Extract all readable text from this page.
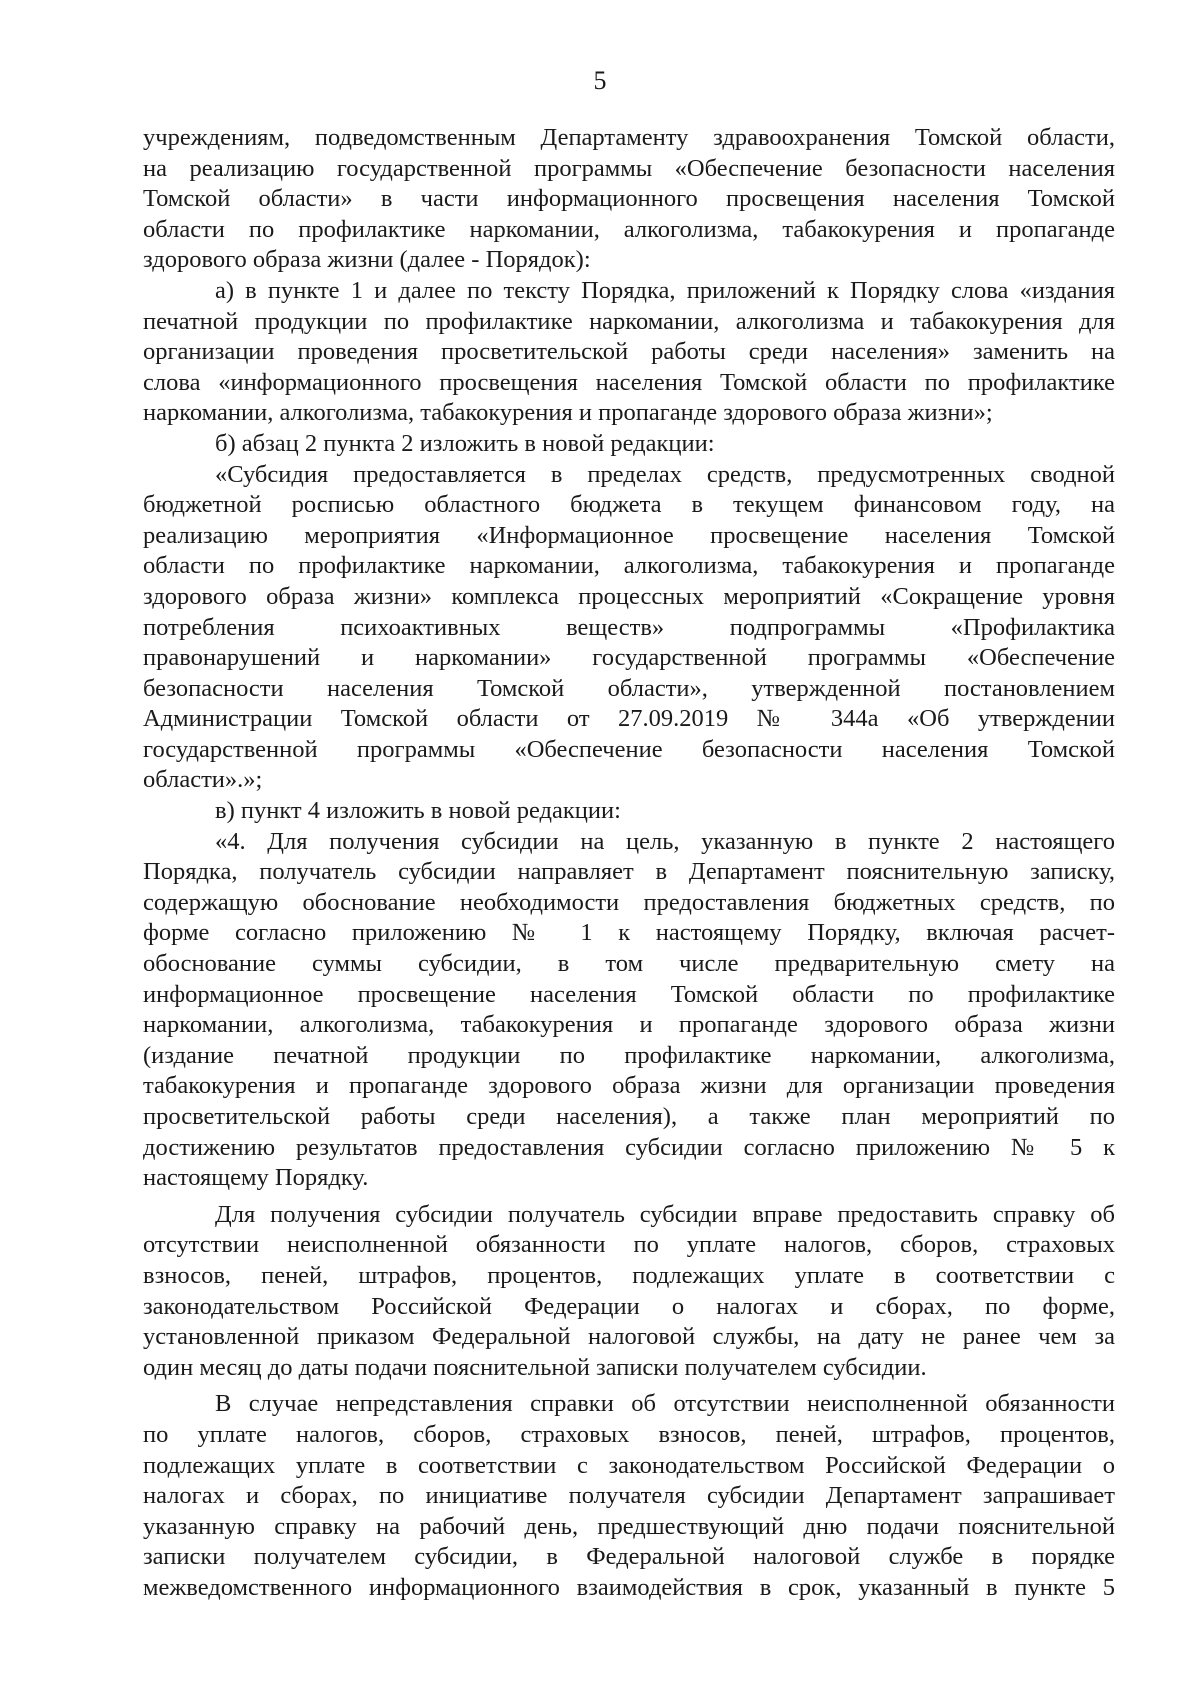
5
учреждениям, подведомственным Департаменту здравоохранения Томской области,
на реализацию государственной программы «Обеспечение безопасности населения
Томской области» в части информационного просвещения населения Томской
области по профилактике наркомании, алкоголизма, табакокурения и пропаганде
здорового образа жизни (далее - Порядок):
а) в пункте 1 и далее по тексту Порядка, приложений к Порядку слова «издания
печатной продукции по профилактике наркомании, алкоголизма и табакокурения для
организации проведения просветительской работы среди населения» заменить на
слова «информационного просвещения населения Томской области по профилактике
наркомании, алкоголизма, табакокурения и пропаганде здорового образа жизни»;
б) абзац 2 пункта 2 изложить в новой редакции:
«Субсидия предоставляется в пределах средств, предусмотренных сводной
бюджетной росписью областного бюджета в текущем финансовом году, на
реализацию мероприятия «Информационное просвещение населения Томской
области по профилактике наркомании, алкоголизма, табакокурения и пропаганде
здорового образа жизни» комплекса процессных мероприятий «Сокращение уровня
потребления психоактивных веществ» подпрограммы «Профилактика
правонарушений и наркомании» государственной программы «Обеспечение
безопасности населения Томской области», утвержденной постановлением
Администрации Томской области от 27.09.2019 № 344а «Об утверждении
государственной программы «Обеспечение безопасности населения Томской
области».»;
в) пункт 4 изложить в новой редакции:
«4. Для получения субсидии на цель, указанную в пункте 2 настоящего
Порядка, получатель субсидии направляет в Департамент пояснительную записку,
содержащую обоснование необходимости предоставления бюджетных средств, по
форме согласно приложению № 1 к настоящему Порядку, включая расчет-
обоснование суммы субсидии, в том числе предварительную смету на
информационное просвещение населения Томской области по профилактике
наркомании, алкоголизма, табакокурения и пропаганде здорового образа жизни
(издание печатной продукции по профилактике наркомании, алкоголизма,
табакокурения и пропаганде здорового образа жизни для организации проведения
просветительской работы среди населения), а также план мероприятий по
достижению результатов предоставления субсидии согласно приложению № 5 к
настоящему Порядку.
Для получения субсидии получатель субсидии вправе предоставить справку об
отсутствии неисполненной обязанности по уплате налогов, сборов, страховых
взносов, пеней, штрафов, процентов, подлежащих уплате в соответствии с
законодательством Российской Федерации о налогах и сборах, по форме,
установленной приказом Федеральной налоговой службы, на дату не ранее чем за
один месяц до даты подачи пояснительной записки получателем субсидии.
В случае непредставления справки об отсутствии неисполненной обязанности
по уплате налогов, сборов, страховых взносов, пеней, штрафов, процентов,
подлежащих уплате в соответствии с законодательством Российской Федерации о
налогах и сборах, по инициативе получателя субсидии Департамент запрашивает
указанную справку на рабочий день, предшествующий дню подачи пояснительной
записки получателем субсидии, в Федеральной налоговой службе в порядке
межведомственного информационного взаимодействия в срок, указанный в пункте 5
